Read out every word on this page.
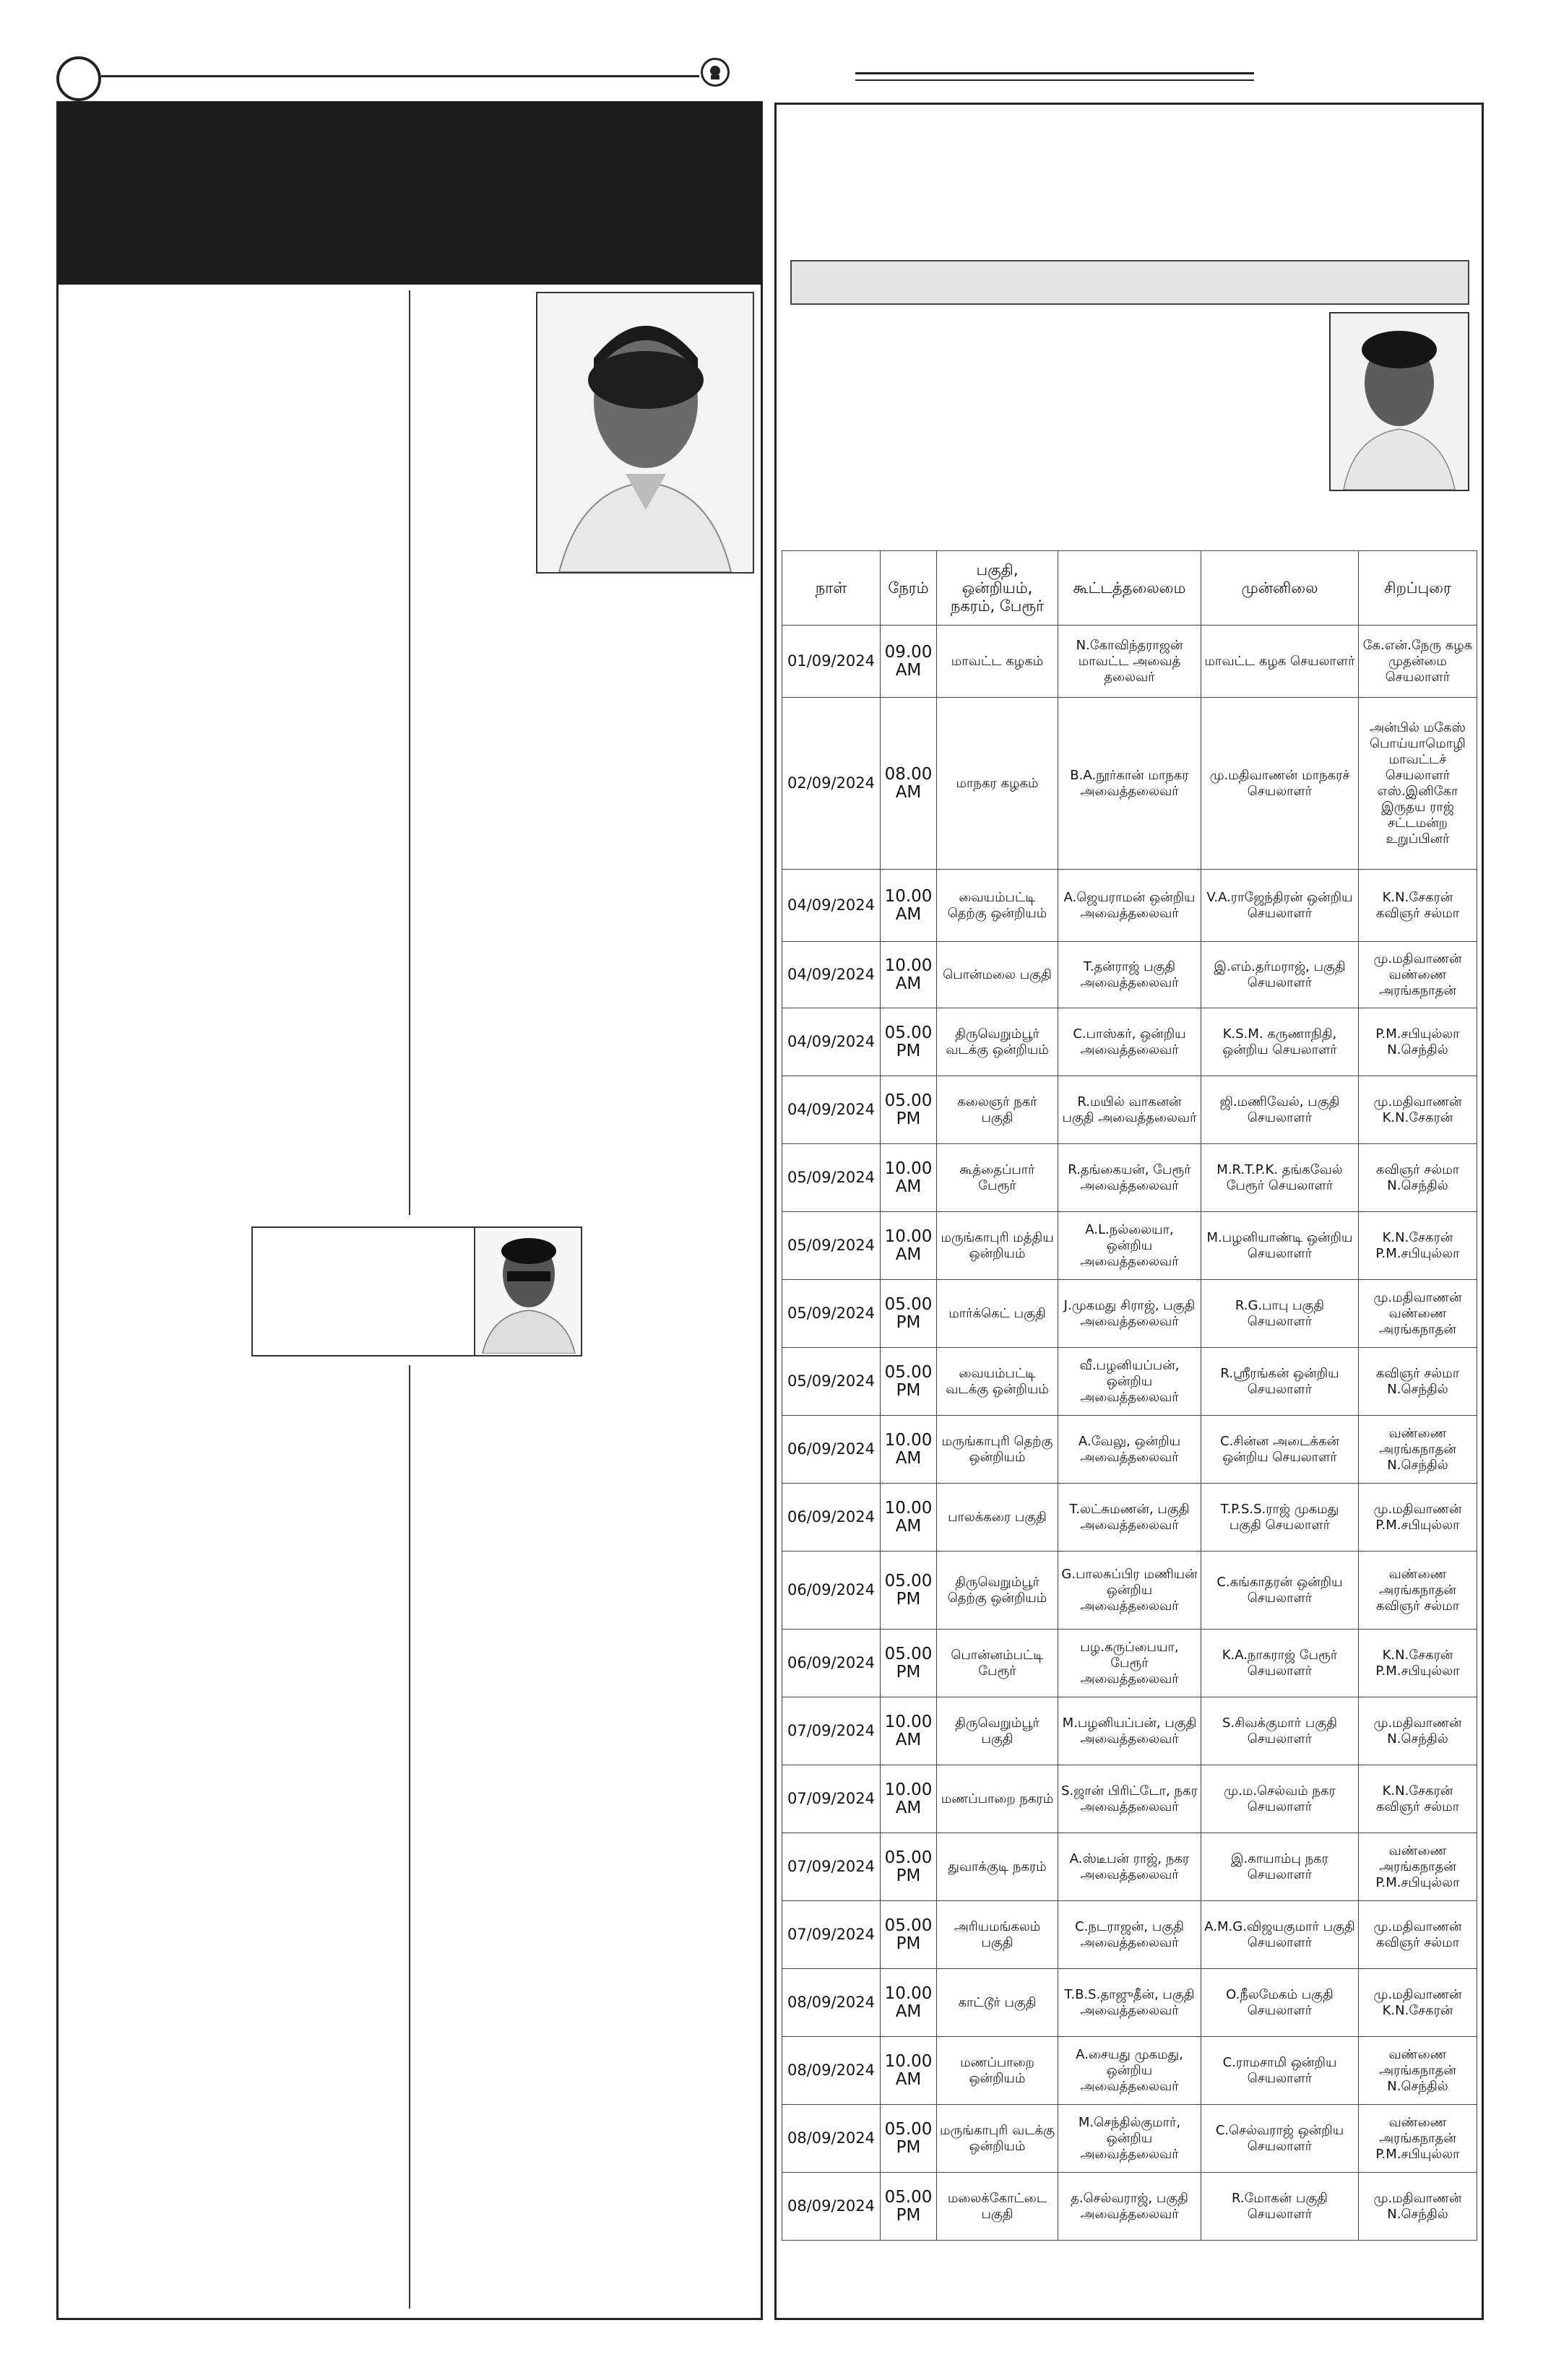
நாள்	நேரம்	பகுதி, ஒன்றியம், நகரம், பேரூர்	கூட்டத்தலைமை	முன்னிலை	சிறப்புரை
01/09/2024	09.00 AM	மாவட்ட கழகம்	N.கோவிந்தராஜன் மாவட்ட அவைத் தலைவர்	மாவட்ட கழக செயலாளர்	கே.என்.நேரு கழக முதன்மை செயலாளர்
02/09/2024	08.00 AM	மாநகர கழகம்	B.A.நூர்கான் மாநகர அவைத்தலைவர்	மு.மதிவாணன் மாநகரச் செயலாளர்	அன்பில் மகேஸ் பொய்யாமொழி மாவட்டச் செயலாளர் எஸ்.இனிகோ இருதய ராஜ் சட்டமன்ற உறுப்பினர்
04/09/2024	10.00 AM	வையம்பட்டி தெற்கு ஒன்றியம்	A.ஜெயராமன் ஒன்றிய அவைத்தலைவர்	V.A.ராஜேந்திரன் ஒன்றிய செயலாளர்	K.N.சேகரன் கவிஞர் சல்மா
04/09/2024	10.00 AM	பொன்மலை பகுதி	T.தன்ராஜ் பகுதி அவைத்தலைவர்	இ.எம்.தர்மராஜ், பகுதி செயலாளர்	மு.மதிவாணன் வண்ணை அரங்கநாதன்
04/09/2024	05.00 PM	திருவெறும்பூர் வடக்கு ஒன்றியம்	C.பாஸ்கர், ஒன்றிய அவைத்தலைவர்	K.S.M. கருணாநிதி, ஒன்றிய செயலாளர்	P.M.சபியுல்லா N.செந்தில்
04/09/2024	05.00 PM	கலைஞர் நகர் பகுதி	R.மயில் வாகனன் பகுதி அவைத்தலைவர்	ஜி.மணிவேல், பகுதி செயலாளர்	மு.மதிவாணன் K.N.சேகரன்
05/09/2024	10.00 AM	கூத்தைப்பார் பேரூர்	R.தங்கையன், பேரூர் அவைத்தலைவர்	M.R.T.P.K. தங்கவேல் பேரூர் செயலாளர்	கவிஞர் சல்மா N.செந்தில்
05/09/2024	10.00 AM	மருங்காபுரி மத்திய ஒன்றியம்	A.L.நல்லையா, ஒன்றிய அவைத்தலைவர்	M.பழனியாண்டி ஒன்றிய செயலாளர்	K.N.சேகரன் P.M.சபியுல்லா
05/09/2024	05.00 PM	மார்க்கெட் பகுதி	J.முகமது சிராஜ், பகுதி அவைத்தலைவர்	R.G.பாபு பகுதி செயலாளர்	மு.மதிவாணன் வண்ணை அரங்கநாதன்
05/09/2024	05.00 PM	வையம்பட்டி வடக்கு ஒன்றியம்	வீ.பழனியப்பன், ஒன்றிய அவைத்தலைவர்	R.ஸ்ரீரங்கன் ஒன்றிய செயலாளர்	கவிஞர் சல்மா N.செந்தில்
06/09/2024	10.00 AM	மருங்காபுரி தெற்கு ஒன்றியம்	A.வேலு, ஒன்றிய அவைத்தலைவர்	C.சின்ன அடைக்கன் ஒன்றிய செயலாளர்	வண்ணை அரங்கநாதன் N.செந்தில்
06/09/2024	10.00 AM	பாலக்கரை பகுதி	T.லட்சுமணன், பகுதி அவைத்தலைவர்	T.P.S.S.ராஜ் முகமது பகுதி செயலாளர்	மு.மதிவாணன் P.M.சபியுல்லா
06/09/2024	05.00 PM	திருவெறும்பூர் தெற்கு ஒன்றியம்	G.பாலசுப்பிர மணியன் ஒன்றிய அவைத்தலைவர்	C.கங்காதரன் ஒன்றிய செயலாளர்	வண்ணை அரங்கநாதன் கவிஞர் சல்மா
06/09/2024	05.00 PM	பொன்னம்பட்டி பேரூர்	பழ.கருப்பையா, பேரூர் அவைத்தலைவர்	K.A.நாகராஜ் பேரூர் செயலாளர்	K.N.சேகரன் P.M.சபியுல்லா
07/09/2024	10.00 AM	திருவெறும்பூர் பகுதி	M.பழனியப்பன், பகுதி அவைத்தலைவர்	S.சிவக்குமார் பகுதி செயலாளர்	மு.மதிவாணன் N.செந்தில்
07/09/2024	10.00 AM	மணப்பாறை நகரம்	S.ஜான் பிரிட்டோ, நகர அவைத்தலைவர்	மு.ம.செல்வம் நகர செயலாளர்	K.N.சேகரன் கவிஞர் சல்மா
07/09/2024	05.00 PM	துவாக்குடி நகரம்	A.ஸ்டீபன் ராஜ், நகர அவைத்தலைவர்	இ.காயாம்பு நகர செயலாளர்	வண்ணை அரங்கநாதன் P.M.சபியுல்லா
07/09/2024	05.00 PM	அரியமங்கலம் பகுதி	C.நடராஜன், பகுதி அவைத்தலைவர்	A.M.G.விஜயகுமார் பகுதி செயலாளர்	மு.மதிவாணன் கவிஞர் சல்மா
08/09/2024	10.00 AM	காட்டூர் பகுதி	T.B.S.தாஜுதீன், பகுதி அவைத்தலைவர்	O.நீலமேகம் பகுதி செயலாளர்	மு.மதிவாணன் K.N.சேகரன்
08/09/2024	10.00 AM	மணப்பாறை ஒன்றியம்	A.சையது முகமது, ஒன்றிய அவைத்தலைவர்	C.ராமசாமி ஒன்றிய செயலாளர்	வண்ணை அரங்கநாதன் N.செந்தில்
08/09/2024	05.00 PM	மருங்காபுரி வடக்கு ஒன்றியம்	M.செந்தில்குமார், ஒன்றிய அவைத்தலைவர்	C.செல்வராஜ் ஒன்றிய செயலாளர்	வண்ணை அரங்கநாதன் P.M.சபியுல்லா
08/09/2024	05.00 PM	மலைக்கோட்டை பகுதி	த.செல்வராஜ், பகுதி அவைத்தலைவர்	R.மோகன் பகுதி செயலாளர்	மு.மதிவாணன் N.செந்தில்
